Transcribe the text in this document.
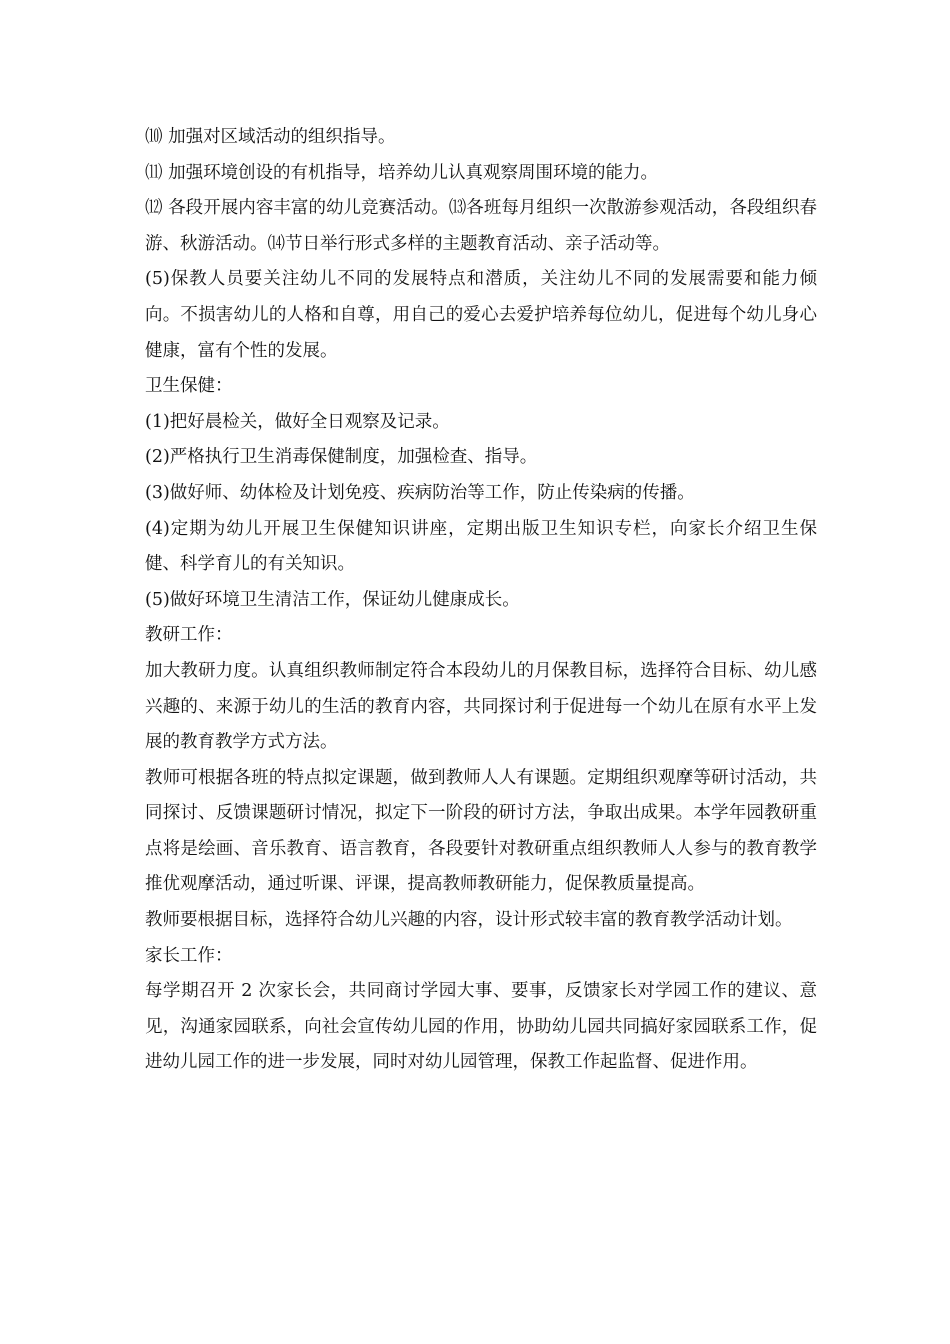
⑽ 加强对区域活动的组织指导。

⑾ 加强环境创设的有机指导，培养幼儿认真观察周围环境的能力。

⑿ 各段开展内容丰富的幼儿竞赛活动。⒀各班每月组织一次散游参观活动，各段组织春游、秋游活动。⒁节日举行形式多样的主题教育活动、亲子活动等。

(5)保教人员要关注幼儿不同的发展特点和潜质，关注幼儿不同的发展需要和能力倾向。不损害幼儿的人格和自尊，用自己的爱心去爱护培养每位幼儿，促进每个幼儿身心健康，富有个性的发展。

卫生保健：

(1)把好晨检关，做好全日观察及记录。

(2)严格执行卫生消毒保健制度，加强检查、指导。

(3)做好师、幼体检及计划免疫、疾病防治等工作，防止传染病的传播。

(4)定期为幼儿开展卫生保健知识讲座，定期出版卫生知识专栏，向家长介绍卫生保健、科学育儿的有关知识。

(5)做好环境卫生清洁工作，保证幼儿健康成长。

教研工作：

加大教研力度。认真组织教师制定符合本段幼儿的月保教目标，选择符合目标、幼儿感兴趣的、来源于幼儿的生活的教育内容，共同探讨利于促进每一个幼儿在原有水平上发展的教育教学方式方法。

教师可根据各班的特点拟定课题，做到教师人人有课题。定期组织观摩等研讨活动，共同探讨、反馈课题研讨情况，拟定下一阶段的研讨方法，争取出成果。本学年园教研重点将是绘画、音乐教育、语言教育，各段要针对教研重点组织教师人人参与的教育教学推优观摩活动，通过听课、评课，提高教师教研能力，促保教质量提高。

教师要根据目标，选择符合幼儿兴趣的内容，设计形式较丰富的教育教学活动计划。

家长工作：

每学期召开 2 次家长会，共同商讨学园大事、要事，反馈家长对学园工作的建议、意见，沟通家园联系，向社会宣传幼儿园的作用，协助幼儿园共同搞好家园联系工作，促进幼儿园工作的进一步发展，同时对幼儿园管理，保教工作起监督、促进作用。
